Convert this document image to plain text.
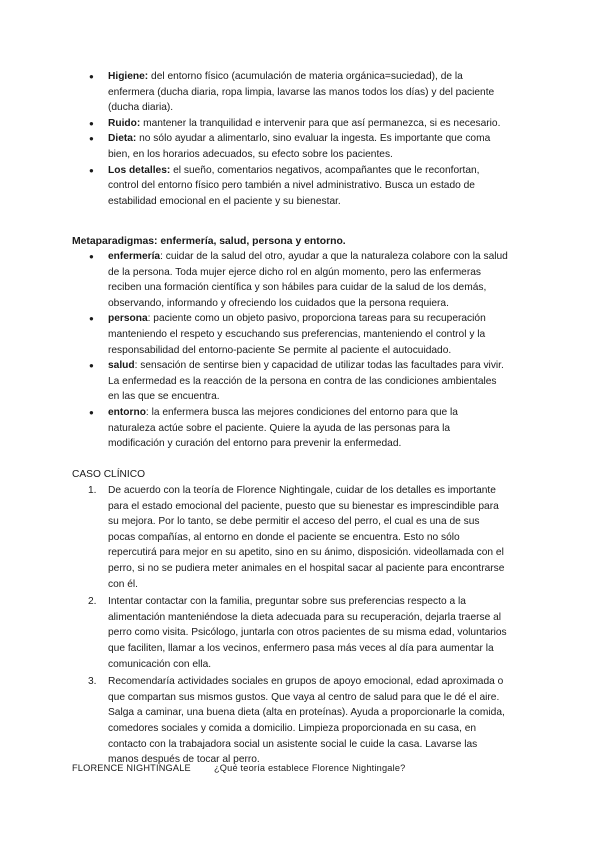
● Higiene: del entorno físico (acumulación de materia orgánica=suciedad), de la enfermera (ducha diaria, ropa limpia, lavarse las manos todos los días) y del paciente (ducha diaria).
● Ruido: mantener la tranquilidad e intervenir para que así permanezca, si es necesario.
● Dieta: no sólo ayudar a alimentarlo, sino evaluar la ingesta. Es importante que coma bien, en los horarios adecuados, su efecto sobre los pacientes.
● Los detalles: el sueño, comentarios negativos, acompañantes que le reconfortan, control del entorno físico pero también a nivel administrativo. Busca un estado de estabilidad emocional en el paciente y su bienestar.
Metaparadigmas: enfermería, salud, persona y entorno.
● enfermería: cuidar de la salud del otro, ayudar a que la naturaleza colabore con la salud de la persona. Toda mujer ejerce dicho rol en algún momento, pero las enfermeras reciben una formación científica y son hábiles para cuidar de la salud de los demás, observando, informando y ofreciendo los cuidados que la persona requiera.
● persona: paciente como un objeto pasivo, proporciona tareas para su recuperación manteniendo el respeto y escuchando sus preferencias, manteniendo el control y la responsabilidad del entorno-paciente Se permite al paciente el autocuidado.
● salud: sensación de sentirse bien y capacidad de utilizar todas las facultades para vivir. La enfermedad es la reacción de la persona en contra de las condiciones ambientales en las que se encuentra.
● entorno: la enfermera busca las mejores condiciones del entorno para que la naturaleza actúe sobre el paciente. Quiere la ayuda de las personas para la modificación y curación del entorno para prevenir la enfermedad.
CASO CLÍNICO
1. De acuerdo con la teoría de Florence Nightingale, cuidar de los detalles es importante para el estado emocional del paciente, puesto que su bienestar es imprescindible para su mejora. Por lo tanto, se debe permitir el acceso del perro, el cual es una de sus pocas compañías, al entorno en donde el paciente se encuentra. Esto no sólo repercutirá para mejor en su apetito, sino en su ánimo, disposición. videollamada con el perro, si no se pudiera meter animales en el hospital sacar al paciente para encontrarse con él.
2. Intentar contactar con la familia, preguntar sobre sus preferencias respecto a la alimentación manteniéndose la dieta adecuada para su recuperación, dejarla traerse al perro como visita. Psicólogo, juntarla con otros pacientes de su misma edad, voluntarios que faciliten, llamar a los vecinos, enfermero pasa más veces al día para aumentar la comunicación con ella.
3. Recomendaría actividades sociales en grupos de apoyo emocional, edad aproximada o que compartan sus mismos gustos. Que vaya al centro de salud para que le dé el aire. Salga a caminar, una buena dieta (alta en proteínas). Ayuda a proporcionarle la comida, comedores sociales y comida a domicilio. Limpieza proporcionada en su casa, en contacto con la trabajadora social un asistente social le cuide la casa. Lavarse las manos después de tocar al perro.
FLORENCE NIGHTINGALE	¿Qué teoría establece Florence Nightingale?
